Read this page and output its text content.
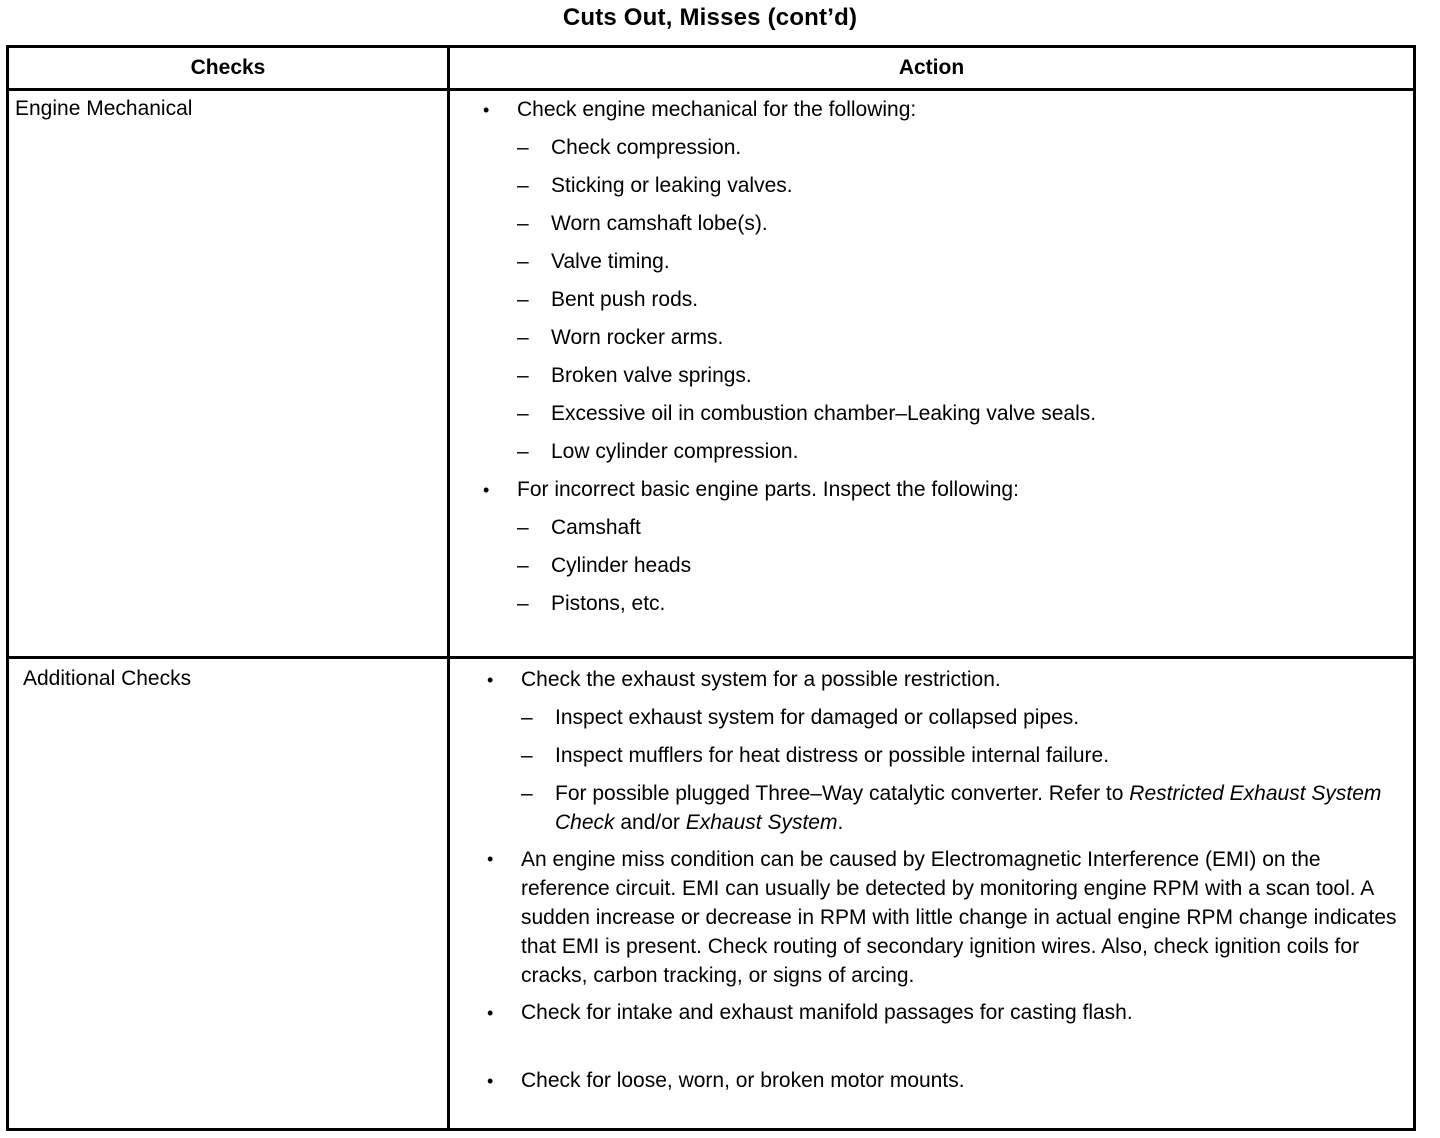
Cuts Out, Misses (cont’d)
Checks	Action
Engine Mechanical	• Check engine mechanical for the following:
– Check compression.
– Sticking or leaking valves.
– Worn camshaft lobe(s).
– Valve timing.
– Bent push rods.
– Worn rocker arms.
– Broken valve springs.
– Excessive oil in combustion chamber–Leaking valve seals.
– Low cylinder compression.
• For incorrect basic engine parts. Inspect the following:
– Camshaft
– Cylinder heads
– Pistons, etc.
Additional Checks	• Check the exhaust system for a possible restriction.
– Inspect exhaust system for damaged or collapsed pipes.
– Inspect mufflers for heat distress or possible internal failure.
– For possible plugged Three–Way catalytic converter. Refer to Restricted Exhaust System Check and/or Exhaust System.
• An engine miss condition can be caused by Electromagnetic Interference (EMI) on the reference circuit. EMI can usually be detected by monitoring engine RPM with a scan tool. A sudden increase or decrease in RPM with little change in actual engine RPM change indicates that EMI is present. Check routing of secondary ignition wires. Also, check ignition coils for cracks, carbon tracking, or signs of arcing.
• Check for intake and exhaust manifold passages for casting flash.
• Check for loose, worn, or broken motor mounts.
